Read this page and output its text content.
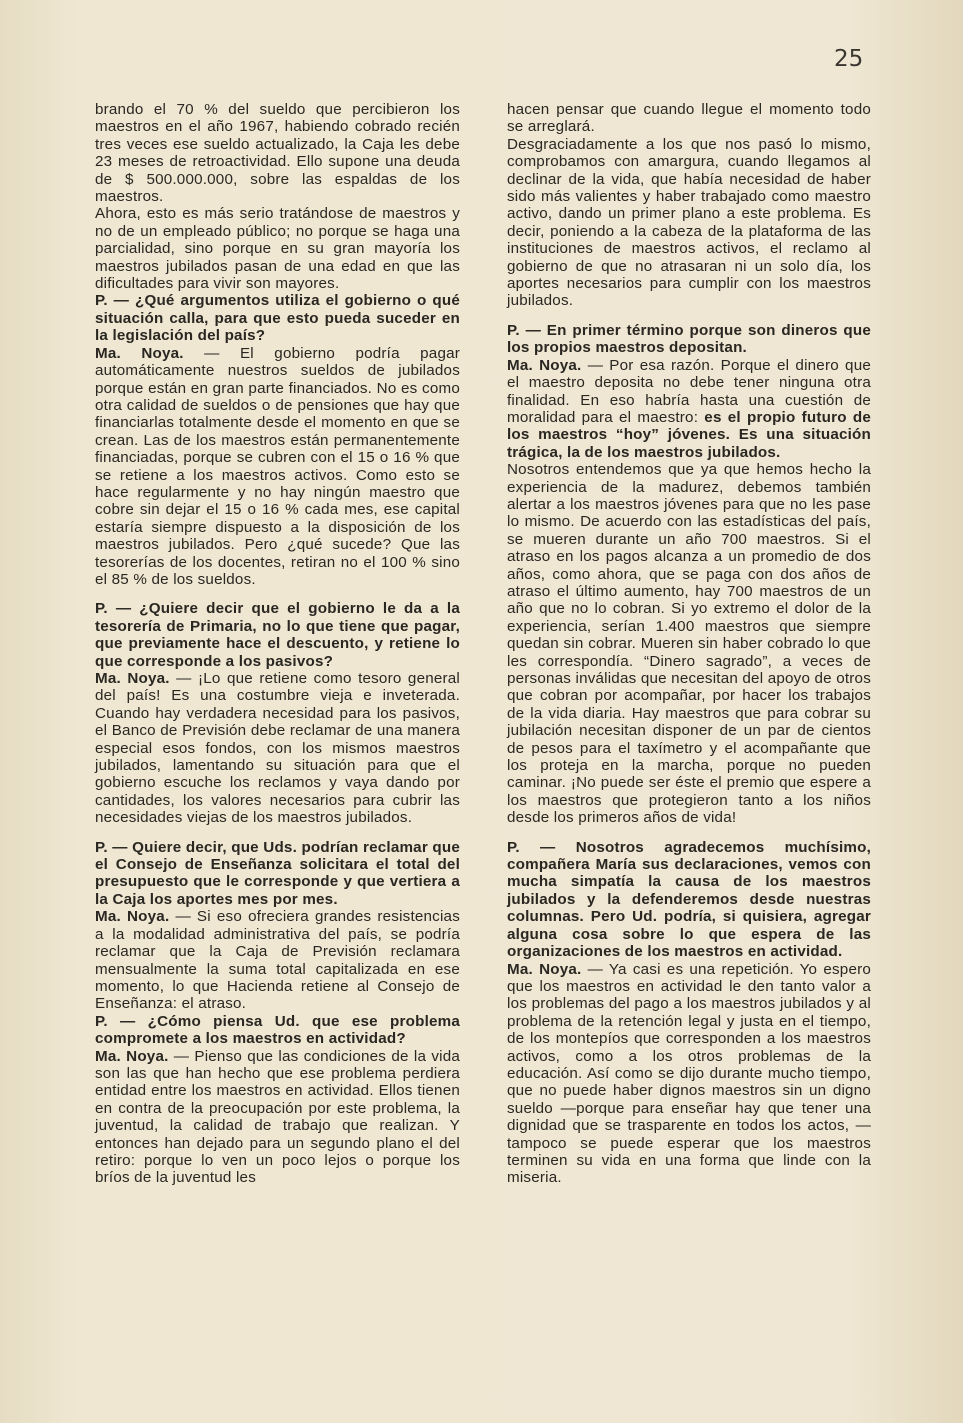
25

brando el 70 % del sueldo que percibieron los maestros en el año 1967, habiendo cobrado recién tres veces ese sueldo actualizado, la Caja les debe 23 meses de retroactividad. Ello supone una deuda de $ 500.000.000, sobre las espaldas de los maestros.

Ahora, esto es más serio tratándose de maestros y no de un empleado público; no porque se haga una parcialidad, sino porque en su gran mayoría los maestros jubilados pasan de una edad en que las dificultades para vivir son mayores.

P. — ¿Qué argumentos utiliza el gobierno o qué situación calla, para que esto pueda suceder en la legislación del país?

Ma. Noya. — El gobierno podría pagar automáticamente nuestros sueldos de jubilados porque están en gran parte financiados. No es como otra calidad de sueldos o de pensiones que hay que financiarlas totalmente desde el momento en que se crean. Las de los maestros están permanentemente financiadas, porque se cubren con el 15 o 16 % que se retiene a los maestros activos. Como esto se hace regularmente y no hay ningún maestro que cobre sin dejar el 15 o 16 % cada mes, ese capital estaría siempre dispuesto a la disposición de los maestros jubilados. Pero ¿qué sucede? Que las tesorerías de los docentes, retiran no el 100 % sino el 85 % de los sueldos.

P. — ¿Quiere decir que el gobierno le da a la tesorería de Primaria, no lo que tiene que pagar, que previamente hace el descuento, y retiene lo que corresponde a los pasivos?

Ma. Noya. — ¡Lo que retiene como tesoro general del país! Es una costumbre vieja e inveterada. Cuando hay verdadera necesidad para los pasivos, el Banco de Previsión debe reclamar de una manera especial esos fondos, con los mismos maestros jubilados, lamentando su situación para que el gobierno escuche los reclamos y vaya dando por cantidades, los valores necesarios para cubrir las necesidades viejas de los maestros jubilados.

P. — Quiere decir, que Uds. podrían reclamar que el Consejo de Enseñanza solicitara el total del presupuesto que le corresponde y que vertiera a la Caja los aportes mes por mes.

Ma. Noya. — Si eso ofreciera grandes resistencias a la modalidad administrativa del país, se podría reclamar que la Caja de Previsión reclamara mensualmente la suma total capitalizada en ese momento, lo que Hacienda retiene al Consejo de Enseñanza: el atraso.

P. — ¿Cómo piensa Ud. que ese problema compromete a los maestros en actividad?

Ma. Noya. — Pienso que las condiciones de la vida son las que han hecho que ese problema perdiera entidad entre los maestros en actividad. Ellos tienen en contra de la preocupación por este problema, la juventud, la calidad de trabajo que realizan. Y entonces han dejado para un segundo plano el del retiro: porque lo ven un poco lejos o porque los bríos de la juventud les

hacen pensar que cuando llegue el momento todo se arreglará.

Desgraciadamente a los que nos pasó lo mismo, comprobamos con amargura, cuando llegamos al declinar de la vida, que había necesidad de haber sido más valientes y haber trabajado como maestro activo, dando un primer plano a este problema. Es decir, poniendo a la cabeza de la plataforma de las instituciones de maestros activos, el reclamo al gobierno de que no atrasaran ni un solo día, los aportes necesarios para cumplir con los maestros jubilados.

P. — En primer término porque son dineros que los propios maestros depositan.

Ma. Noya. — Por esa razón. Porque el dinero que el maestro deposita no debe tener ninguna otra finalidad. En eso habría hasta una cuestión de moralidad para el maestro: es el propio futuro de los maestros “hoy” jóvenes. Es una situación trágica, la de los maestros jubilados.

Nosotros entendemos que ya que hemos hecho la experiencia de la madurez, debemos también alertar a los maestros jóvenes para que no les pase lo mismo. De acuerdo con las estadísticas del país, se mueren durante un año 700 maestros. Si el atraso en los pagos alcanza a un promedio de dos años, como ahora, que se paga con dos años de atraso el último aumento, hay 700 maestros de un año que no lo cobran. Si yo extremo el dolor de la experiencia, serían 1.400 maestros que siempre quedan sin cobrar. Mueren sin haber cobrado lo que les correspondía. “Dinero sagrado”, a veces de personas inválidas que necesitan del apoyo de otros que cobran por acompañar, por hacer los trabajos de la vida diaria. Hay maestros que para cobrar su jubilación necesitan disponer de un par de cientos de pesos para el taxímetro y el acompañante que los proteja en la marcha, porque no pueden caminar. ¡No puede ser éste el premio que espere a los maestros que protegieron tanto a los niños desde los primeros años de vida!

P. — Nosotros agradecemos muchísimo, compañera María sus declaraciones, vemos con mucha simpatía la causa de los maestros jubilados y la defenderemos desde nuestras columnas. Pero Ud. podría, si quisiera, agregar alguna cosa sobre lo que espera de las organizaciones de los maestros en actividad.

Ma. Noya. — Ya casi es una repetición. Yo espero que los maestros en actividad le den tanto valor a los problemas del pago a los maestros jubilados y al problema de la retención legal y justa en el tiempo, de los montepíos que corresponden a los maestros activos, como a los otros problemas de la educación. Así como se dijo durante mucho tiempo, que no puede haber dignos maestros sin un digno sueldo —porque para enseñar hay que tener una dignidad que se trasparente en todos los actos, — tampoco se puede esperar que los maestros terminen su vida en una forma que linde con la miseria.
